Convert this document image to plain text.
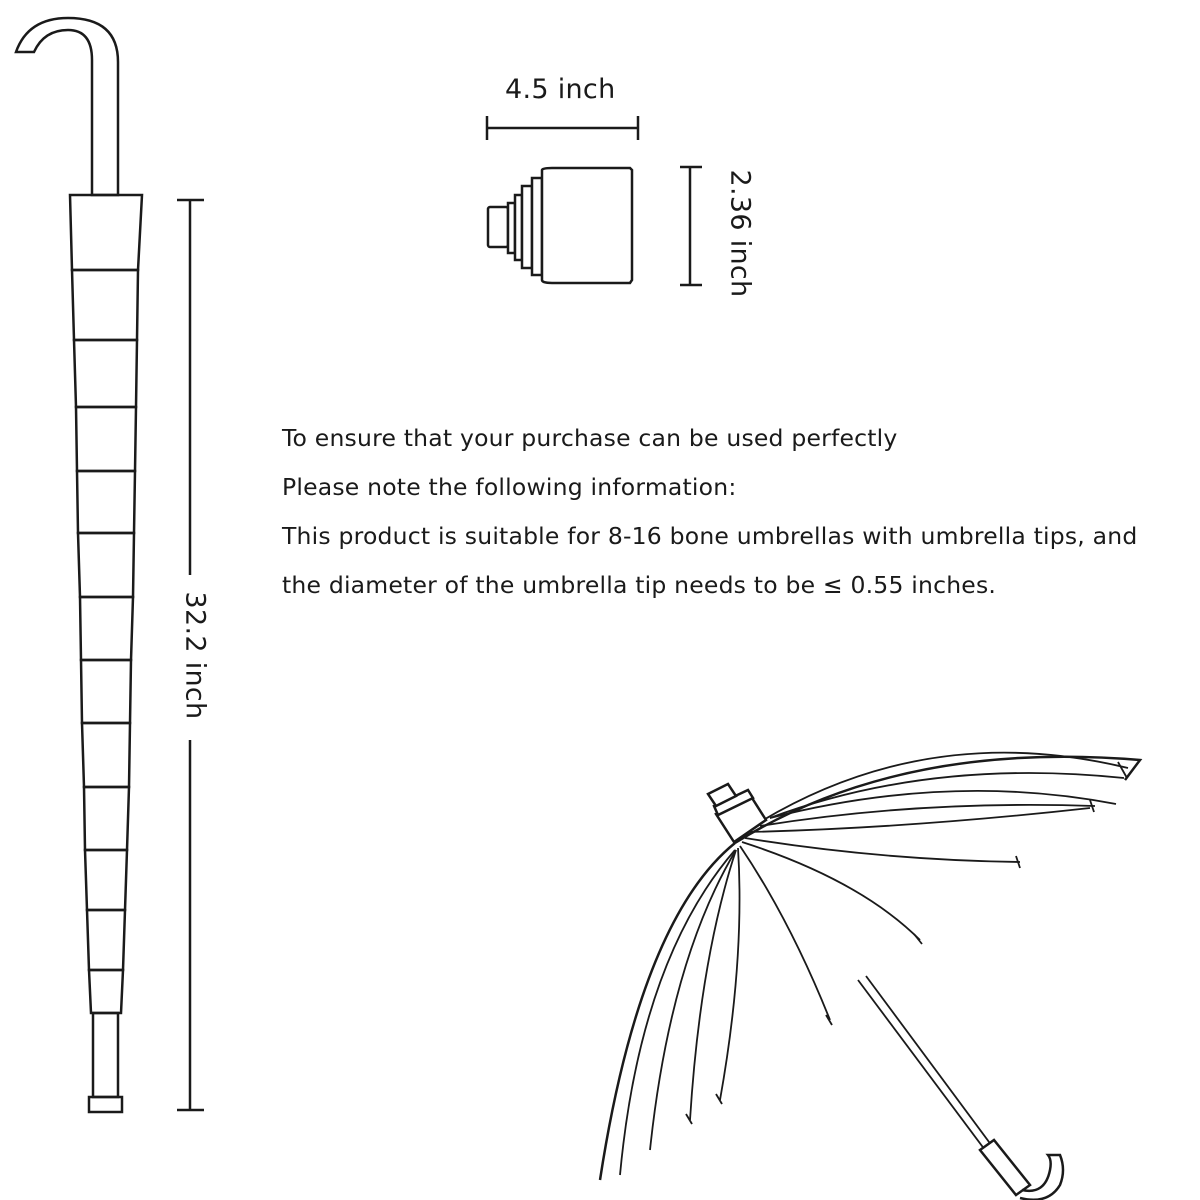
4.5 inch
2.36 inch
32.2 inch
To ensure that your purchase can be used perfectly
Please note the following information:
This product is suitable for 8-16 bone umbrellas with umbrella tips, and
the diameter of the umbrella tip needs to be ≤ 0.55 inches.
